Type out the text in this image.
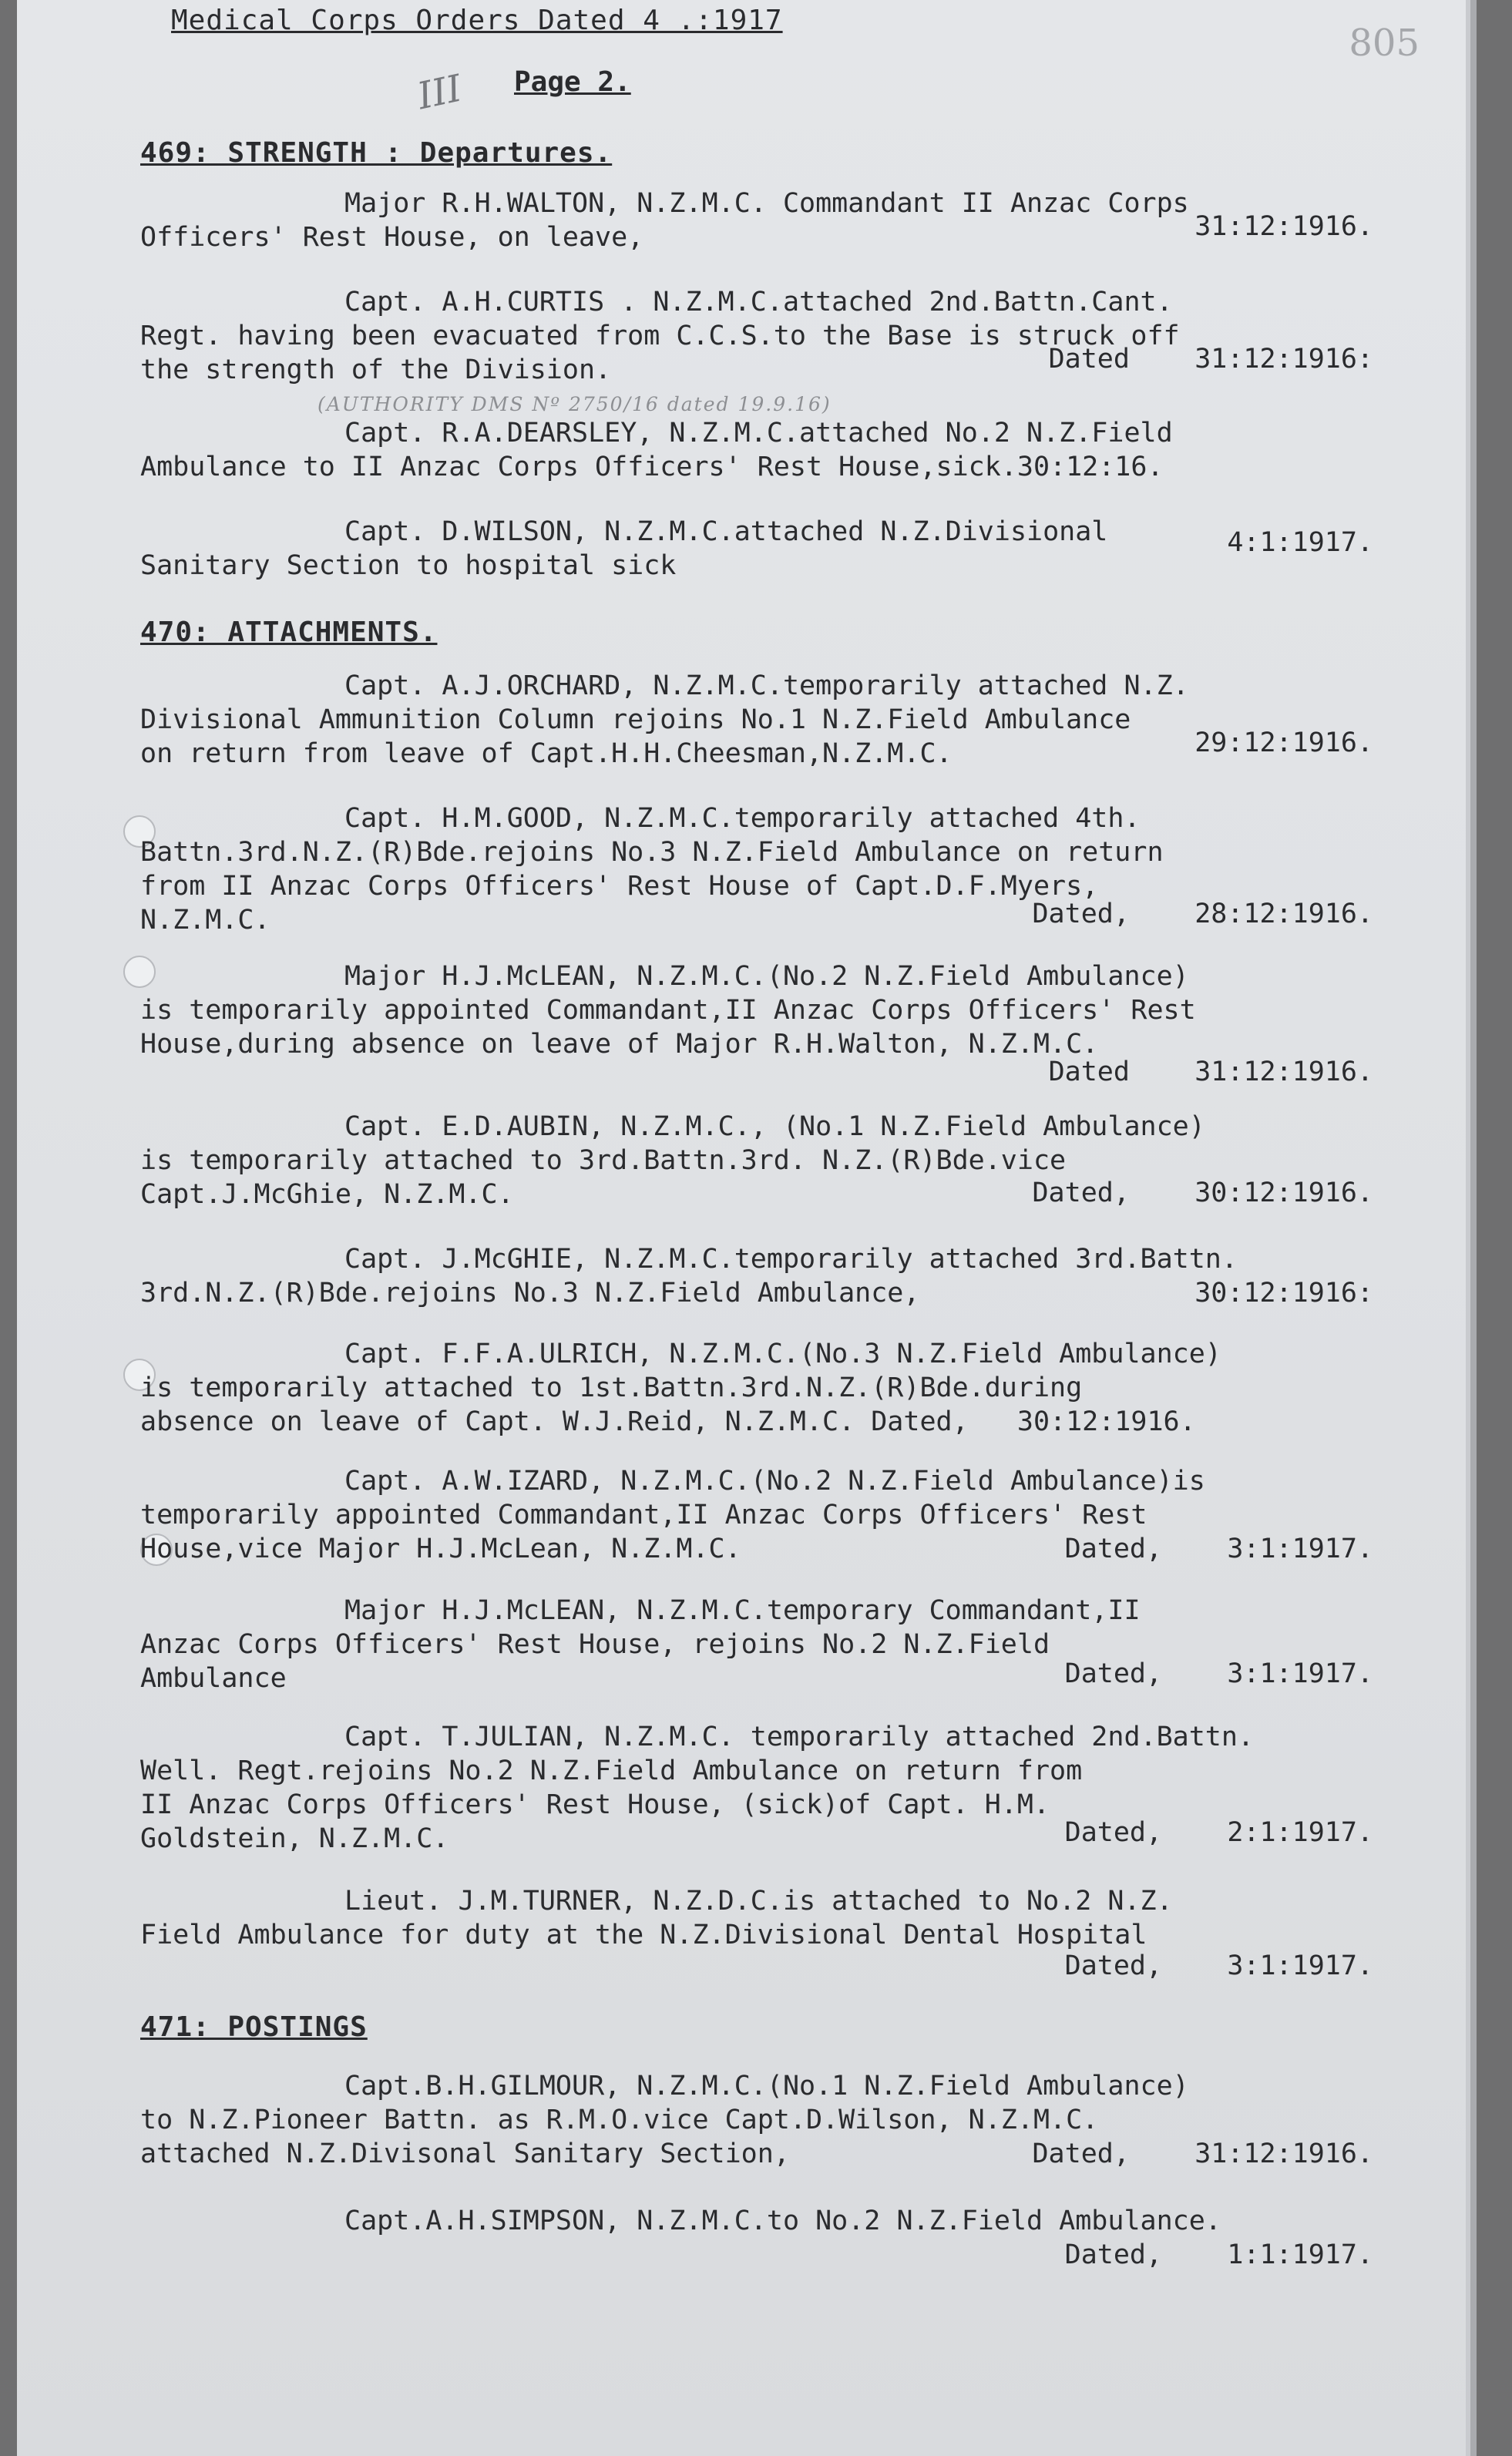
Medical Corps Orders Dated 4 .:1917
805
III Page 2.
(AUTHORITY DMS Nº 2750/16 dated 19.9.16)
469: STRENGTH : Departures.
Major R.H.WALTON, N.Z.M.C. Commandant II Anzac Corps
Officers' Rest House, on leave,	31:12:1916.
Capt. A.H.CURTIS . N.Z.M.C.attached 2nd.Battn.Cant.
Regt. having been evacuated from C.C.S.to the Base is struck off
the strength of the Division.	Dated    31:12:1916:
Capt. R.A.DEARSLEY, N.Z.M.C.attached No.2 N.Z.Field
Ambulance to II Anzac Corps Officers' Rest House,sick.30:12:16.
Capt. D.WILSON, N.Z.M.C.attached N.Z.Divisional
Sanitary Section to hospital sick
4:1:1917.
470: ATTACHMENTS.
Capt. A.J.ORCHARD, N.Z.M.C.temporarily attached N.Z.
Divisional Ammunition Column rejoins No.1 N.Z.Field Ambulance
on return from leave of Capt.H.H.Cheesman,N.Z.M.C.	29:12:1916.
Capt. H.M.GOOD, N.Z.M.C.temporarily attached 4th.
Battn.3rd.N.Z.(R)Bde.rejoins No.3 N.Z.Field Ambulance on return
from II Anzac Corps Officers' Rest House of Capt.D.F.Myers,
N.Z.M.C.	Dated,    28:12:1916.
Major H.J.McLEAN, N.Z.M.C.(No.2 N.Z.Field Ambulance)
is temporarily appointed Commandant,II Anzac Corps Officers' Rest
House,during absence on leave of Major R.H.Walton, N.Z.M.C.
Dated    31:12:1916.
Capt. E.D.AUBIN, N.Z.M.C., (No.1 N.Z.Field Ambulance)
is temporarily attached to 3rd.Battn.3rd. N.Z.(R)Bde.vice
Capt.J.McGhie, N.Z.M.C.	Dated,    30:12:1916.
Capt. J.McGHIE, N.Z.M.C.temporarily attached 3rd.Battn.
3rd.N.Z.(R)Bde.rejoins No.3 N.Z.Field Ambulance,	30:12:1916:
Capt. F.F.A.ULRICH, N.Z.M.C.(No.3 N.Z.Field Ambulance)
is temporarily attached to 1st.Battn.3rd.N.Z.(R)Bde.during
absence on leave of Capt. W.J.Reid, N.Z.M.C. Dated,   30:12:1916.
Capt. A.W.IZARD, N.Z.M.C.(No.2 N.Z.Field Ambulance)is
temporarily appointed Commandant,II Anzac Corps Officers' Rest
House,vice Major H.J.McLean, N.Z.M.C.	Dated,    3:1:1917.
Major H.J.McLEAN, N.Z.M.C.temporary Commandant,II
Anzac Corps Officers' Rest House, rejoins No.2 N.Z.Field
Ambulance	Dated,    3:1:1917.
Capt. T.JULIAN, N.Z.M.C. temporarily attached 2nd.Battn.
Well. Regt.rejoins No.2 N.Z.Field Ambulance on return from
II Anzac Corps Officers' Rest House, (sick)of Capt. H.M.
Goldstein, N.Z.M.C.	Dated,    2:1:1917.
Lieut. J.M.TURNER, N.Z.D.C.is attached to No.2 N.Z.
Field Ambulance for duty at the N.Z.Divisional Dental Hospital
Dated,    3:1:1917.
471: POSTINGS
Capt.B.H.GILMOUR, N.Z.M.C.(No.1 N.Z.Field Ambulance)
to N.Z.Pioneer Battn. as R.M.O.vice Capt.D.Wilson, N.Z.M.C.
attached N.Z.Divisonal Sanitary Section,	Dated,    31:12:1916.
Capt.A.H.SIMPSON, N.Z.M.C.to No.2 N.Z.Field Ambulance.
Dated,    1:1:1917.
